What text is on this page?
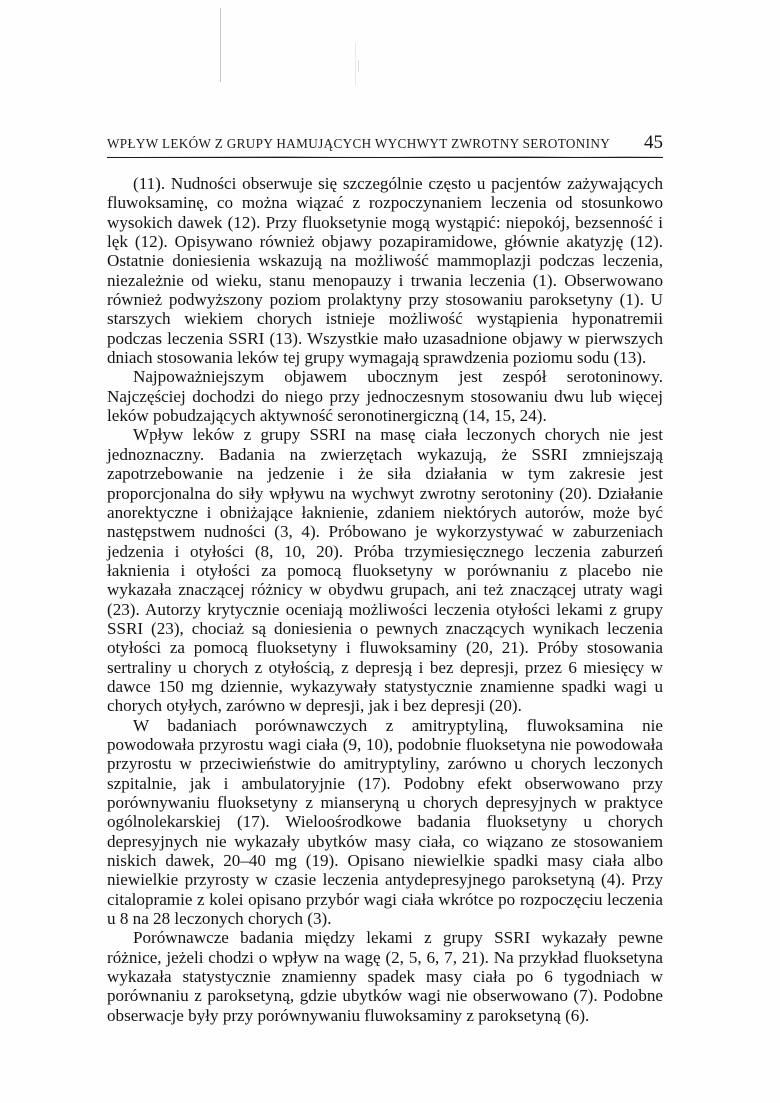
WPŁYW LEKÓW Z GRUPY HAMUJĄCYCH WYCHWYT ZWROTNY SEROTONINY	45

(11). Nudności obserwuje się szczególnie często u pacjentów zażywających fluwoksaminę, co można wiązać z rozpoczynaniem leczenia od stosunkowo wysokich dawek (12). Przy fluoksetynie mogą wystąpić: niepokój, bezsenność i lęk (12). Opisywano również objawy pozapiramidowe, głównie akatyzję (12). Ostatnie doniesienia wskazują na możliwość mammoplazji podczas leczenia, niezależnie od wieku, stanu menopauzy i trwania leczenia (1). Obserwowano również podwyższony poziom prolaktyny przy stosowaniu paroksetyny (1). U starszych wiekiem chorych istnieje możliwość wystąpienia hyponatremii podczas leczenia SSRI (13). Wszystkie mało uzasadnione objawy w pierwszych dniach stosowania leków tej grupy wymagają sprawdzenia poziomu sodu (13).

Najpoważniejszym objawem ubocznym jest zespół serotoninowy. Najczęściej dochodzi do niego przy jednoczesnym stosowaniu dwu lub więcej leków pobudzających aktywność seronotinergiczną (14, 15, 24).

Wpływ leków z grupy SSRI na masę ciała leczonych chorych nie jest jednoznaczny. Badania na zwierzętach wykazują, że SSRI zmniejszają zapotrzebowanie na jedzenie i że siła działania w tym zakresie jest proporcjonalna do siły wpływu na wychwyt zwrotny serotoniny (20). Działanie anorektyczne i obniżające łaknienie, zdaniem niektórych autorów, może być następstwem nudności (3, 4). Próbowano je wykorzystywać w zaburzeniach jedzenia i otyłości (8, 10, 20). Próba trzymiesięcznego leczenia zaburzeń łaknienia i otyłości za pomocą fluoksetyny w porównaniu z placebo nie wykazała znaczącej różnicy w obydwu grupach, ani też znaczącej utraty wagi (23). Autorzy krytycznie oceniają możliwości leczenia otyłości lekami z grupy SSRI (23), chociaż są doniesienia o pewnych znaczących wynikach leczenia otyłości za pomocą fluoksetyny i fluwoksaminy (20, 21). Próby stosowania sertraliny u chorych z otyłością, z depresją i bez depresji, przez 6 miesięcy w dawce 150 mg dziennie, wykazywały statystycznie znamienne spadki wagi u chorych otyłych, zarówno w depresji, jak i bez depresji (20).

W badaniach porównawczych z amitryptyliną, fluwoksamina nie powodowała przyrostu wagi ciała (9, 10), podobnie fluoksetyna nie powodowała przyrostu w przeciwieństwie do amitryptyliny, zarówno u chorych leczonych szpitalnie, jak i ambulatoryjnie (17). Podobny efekt obserwowano przy porównywaniu fluoksetyny z mianseryną u chorych depresyjnych w praktyce ogólnolekarskiej (17). Wieloośrodkowe badania fluoksetyny u chorych depresyjnych nie wykazały ubytków masy ciała, co wiązano ze stosowaniem niskich dawek, 20–40 mg (19). Opisano niewielkie spadki masy ciała albo niewielkie przyrosty w czasie leczenia antydepresyjnego paroksetyną (4). Przy citalopramie z kolei opisano przybór wagi ciała wkrótce po rozpoczęciu leczenia u 8 na 28 leczonych chorych (3).

Porównawcze badania między lekami z grupy SSRI wykazały pewne różnice, jeżeli chodzi o wpływ na wagę (2, 5, 6, 7, 21). Na przykład fluoksetyna wykazała statystycznie znamienny spadek masy ciała po 6 tygodniach w porównaniu z paroksetyną, gdzie ubytków wagi nie obserwowano (7). Podobne obserwacje były przy porównywaniu fluwoksaminy z paroksetyną (6).
